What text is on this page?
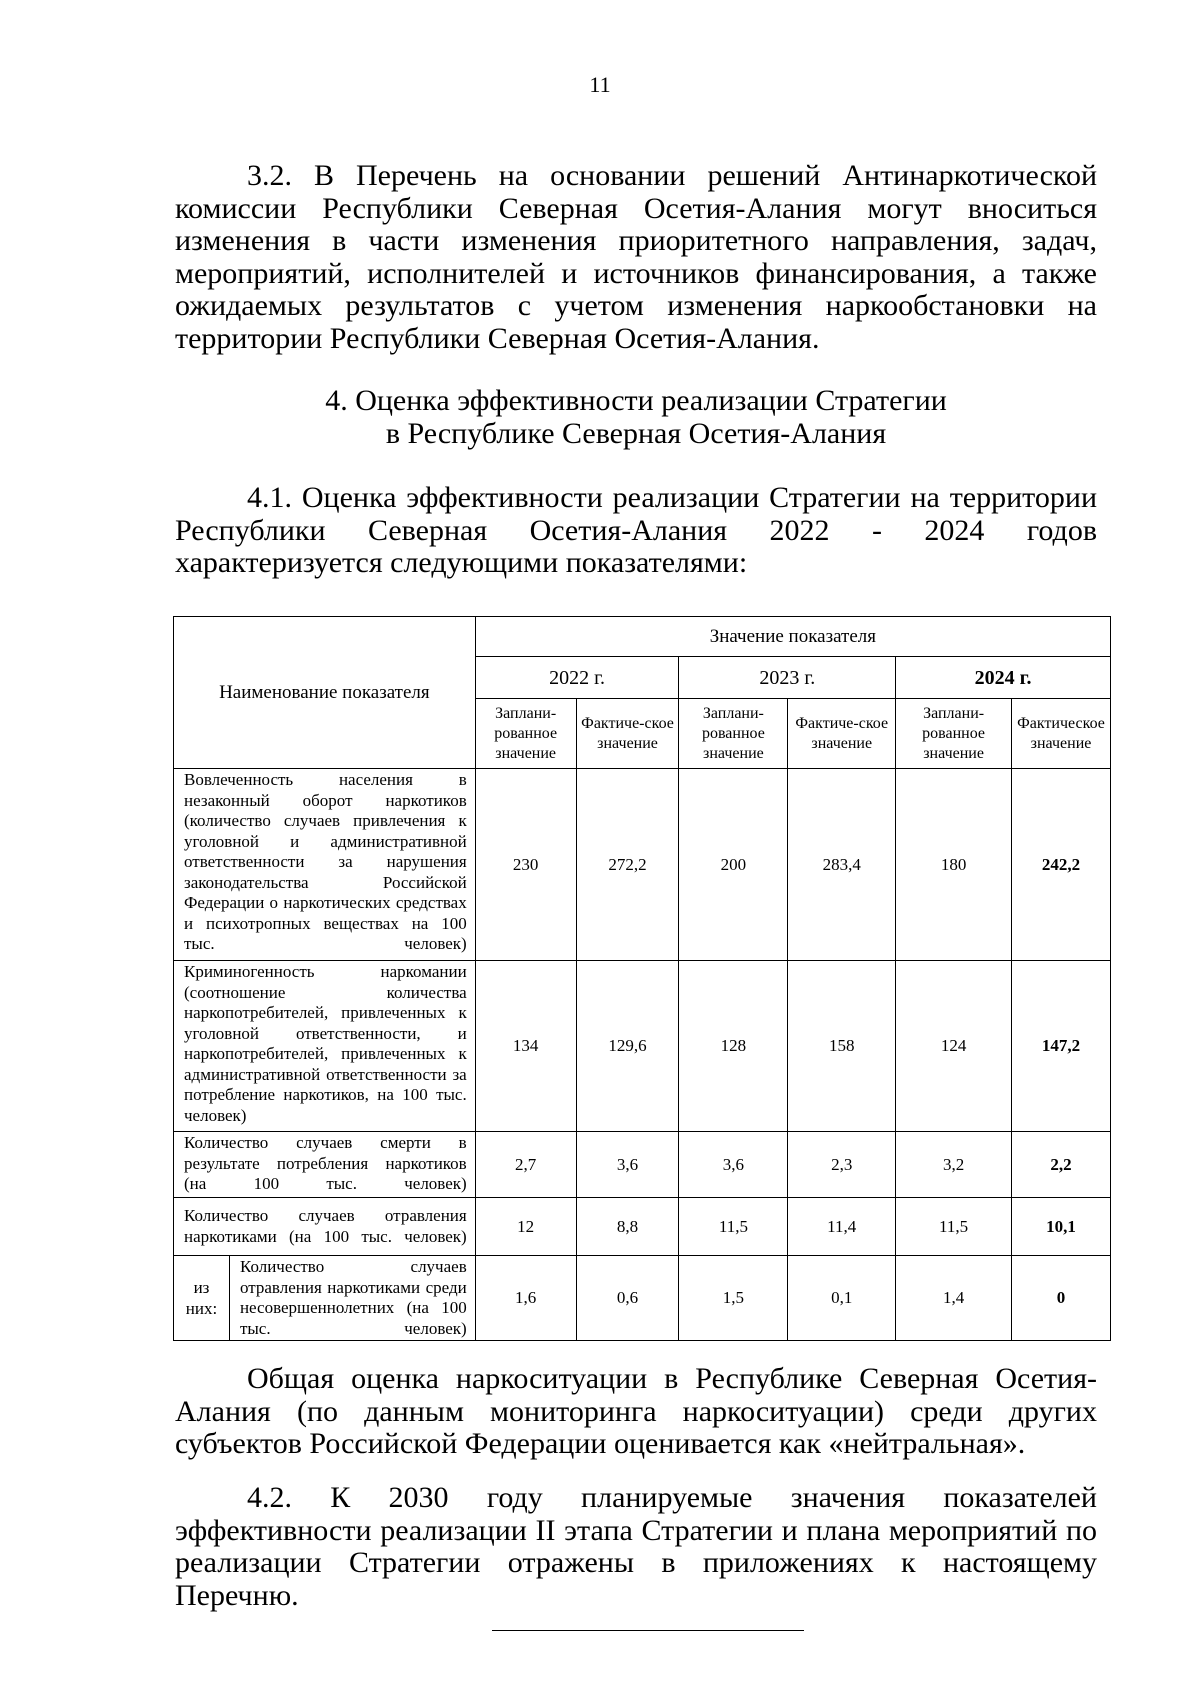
11

3.2. В Перечень на основании решений Антинаркотической комиссии Республики Северная Осетия-Алания могут вноситься изменения в части изменения приоритетного направления, задач, мероприятий, исполнителей и источников финансирования, а также ожидаемых результатов с учетом изменения наркообстановки на территории Республики Северная Осетия-Алания.

4. Оценка эффективности реализации Стратегии
в Республике Северная Осетия-Алания

4.1. Оценка эффективности реализации Стратегии на территории Республики Северная Осетия-Алания 2022 - 2024 годов характеризуется следующими показателями:

Наименование показателя		Значение показателя					
		2022 г.		2023 г.		2024 г.	
		Заплани-рованное значение	Фактиче-ское значение	Заплани-рованное значение	Фактиче-ское значение	Заплани-рованное значение	Фактическое значение
Вовлеченность населения в незаконный оборот наркотиков (количество случаев привлечения к уголовной и административной ответственности за нарушения законодательства Российской Федерации о наркотических средствах и психотропных веществах на 100 тыс. человек)		230	272,2	200	283,4	180	242,2
Криминогенность наркомании (соотношение количества наркопотребителей, привлеченных к уголовной ответственности, и наркопотребителей, привлеченных к административной ответственности за потребление наркотиков, на 100 тыс. человек)		134	129,6	128	158	124	147,2
Количество случаев смерти в результате потребления наркотиков (на 100 тыс. человек)		2,7	3,6	3,6	2,3	3,2	2,2
Количество случаев отравления наркотиками (на 100 тыс. человек)		12	8,8	11,5	11,4	11,5	10,1
из них:	Количество случаев отравления наркотиками среди несовершеннолетних (на 100 тыс. человек)	1,6	0,6	1,5	0,1	1,4	0

Общая оценка наркоситуации в Республике Северная Осетия-Алания (по данным мониторинга наркоситуации) среди других субъектов Российской Федерации оценивается как «нейтральная».

4.2. К 2030 году планируемые значения показателей эффективности реализации II этапа Стратегии и плана мероприятий по реализации Стратегии отражены в приложениях к настоящему Перечню.
